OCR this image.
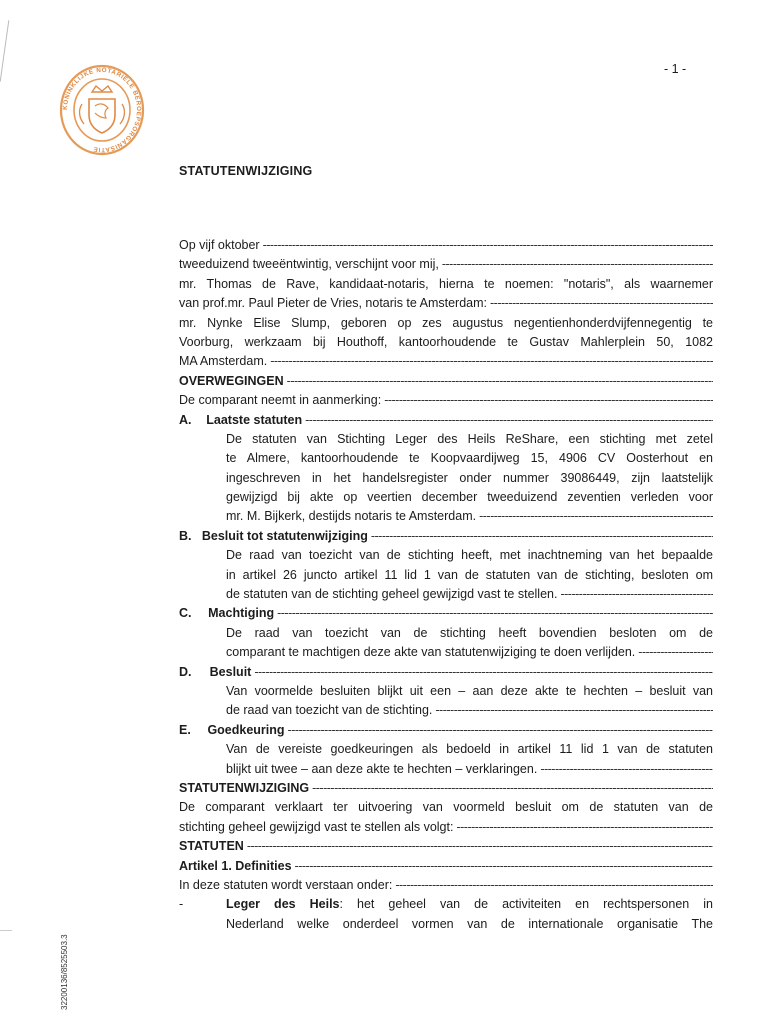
KONINKLIJKE NOTARIËLE BEROEPSORGANISATIE
- 1 -
STATUTENWIJZIGING
Op vijf oktober
-----
tweeduizend tweeëntwintig, verschijnt voor mij,
-----
mr. Thomas de Rave, kandidaat-notaris, hierna te noemen: "notaris", als waarnemer
van prof.mr. Paul Pieter de Vries, notaris te Amsterdam:
-----
mr. Nynke Elise Slump, geboren op zes augustus negentienhonderdvijfennegentig te
Voorburg, werkzaam bij Houthoff, kantoorhoudende te Gustav Mahlerplein 50, 1082
MA Amsterdam.
-----
OVERWEGINGEN
-----
De comparant neemt in aanmerking:
-----
A.	Laatste statuten
-----
De statuten van Stichting Leger des Heils ReShare, een stichting met zetel
te Almere, kantoorhoudende te Koopvaardijweg 15, 4906 CV Oosterhout en
ingeschreven in het handelsregister onder nummer 39086449, zijn laatstelijk
gewijzigd bij akte op veertien december tweeduizend zeventien verleden voor
mr. M. Bijkerk, destijds notaris te Amsterdam.
-----
B. Besluit tot statutenwijziging
-----
De raad van toezicht van de stichting heeft, met inachtneming van het bepaalde
in artikel 26 juncto artikel 11 lid 1 van de statuten van de stichting, besloten om
de statuten van de stichting geheel gewijzigd vast te stellen.
-----
C.	Machtiging
-----
De raad van toezicht van de stichting heeft bovendien besloten om de
comparant te machtigen deze akte van statutenwijziging te doen verlijden.
-----
D.	Besluit
-----
Van voormelde besluiten blijkt uit een – aan deze akte te hechten – besluit van
de raad van toezicht van de stichting.
-----
E.	Goedkeuring
-----
Van de vereiste goedkeuringen als bedoeld in artikel 11 lid 1 van de statuten
blijkt uit twee – aan deze akte te hechten – verklaringen.
-----
STATUTENWIJZIGING
-----
De comparant verklaart ter uitvoering van voormeld besluit om de statuten van de
stichting geheel gewijzigd vast te stellen als volgt:
-----
STATUTEN
-----
Artikel 1. Definities
-----
In deze statuten wordt verstaan onder:
-----
-	Leger des Heils: het geheel van de activiteiten en rechtspersonen in
Nederland welke onderdeel vormen van de internationale organisatie The
32200136/8525503.3
